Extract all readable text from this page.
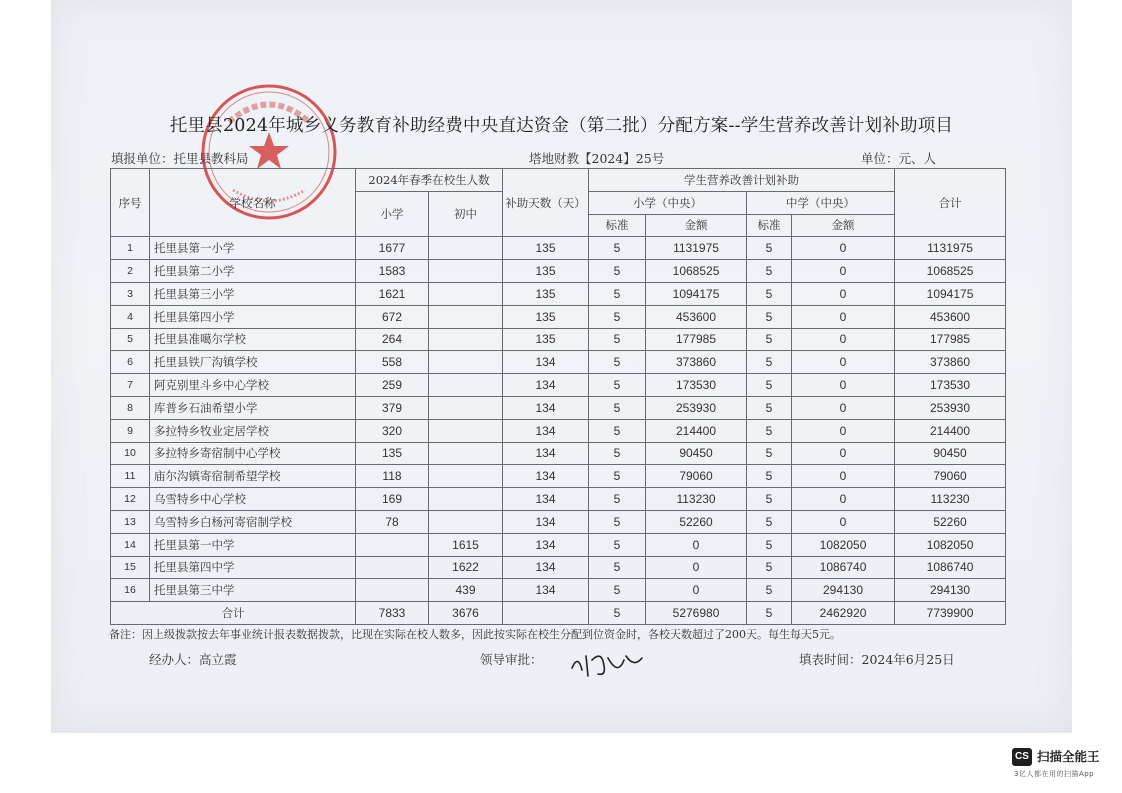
托里县2024年城乡义务教育补助经费中央直达资金（第二批）分配方案--学生营养改善计划补助项目
填报单位：托里县教科局	塔地财教【2024】25号	单位：元、人
序号	学校名称	2024年春季在校生人数		补助天数（天）	学生营养改善计划补助				合计
		小学	初中		小学（中央）		中学（中央）		
					标准	金额	标准	金额	
1	托里县第一小学	1677		135	5	1131975	5	0	1131975
2	托里县第二小学	1583		135	5	1068525	5	0	1068525
3	托里县第三小学	1621		135	5	1094175	5	0	1094175
4	托里县第四小学	672		135	5	453600	5	0	453600
5	托里县准噶尔学校	264		135	5	177985	5	0	177985
6	托里县铁厂沟镇学校	558		134	5	373860	5	0	373860
7	阿克别里斗乡中心学校	259		134	5	173530	5	0	173530
8	库普乡石油希望小学	379		134	5	253930	5	0	253930
9	多拉特乡牧业定居学校	320		134	5	214400	5	0	214400
10	多拉特乡寄宿制中心学校	135		134	5	90450	5	0	90450
11	庙尔沟镇寄宿制希望学校	118		134	5	79060	5	0	79060
12	乌雪特乡中心学校	169		134	5	113230	5	0	113230
13	乌雪特乡白杨河寄宿制学校	78		134	5	52260	5	0	52260
14	托里县第一中学		1615	134	5	0	5	1082050	1082050
15	托里县第四中学		1622	134	5	0	5	1086740	1086740
16	托里县第三中学		439	134	5	0	5	294130	294130
合计		7833	3676		5	5276980	5	2462920	7739900
备注：因上级拨款按去年事业统计报表数据拨款，比现在实际在校人数多，因此按实际在校生分配到位资金时，各校天数超过了200天。每生每天5元。
经办人：高立霞	领导审批：	填表时间：2024年6月25日
CS 扫描全能王
3亿人都在用的扫描App
